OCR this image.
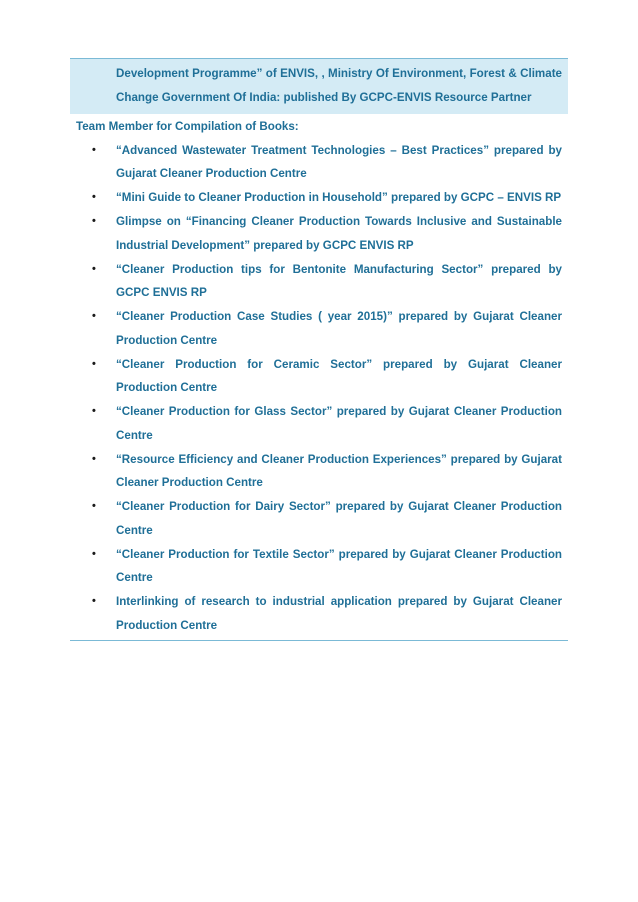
Development Programme” of ENVIS, , Ministry Of Environment, Forest & Climate
Change Government Of India: published By GCPC-ENVIS Resource Partner
Team Member for Compilation of Books:
• “Advanced Wastewater Treatment Technologies – Best Practices” prepared by Gujarat Cleaner Production Centre
• “Mini Guide to Cleaner Production in Household” prepared by GCPC – ENVIS RP
• Glimpse on “Financing Cleaner Production Towards Inclusive and Sustainable Industrial Development” prepared by GCPC ENVIS RP
• “Cleaner Production tips for Bentonite Manufacturing Sector” prepared by GCPC ENVIS RP
• “Cleaner Production Case Studies ( year 2015)” prepared by Gujarat Cleaner Production Centre
• “Cleaner Production for Ceramic Sector” prepared by Gujarat Cleaner Production Centre
• “Cleaner Production for Glass Sector” prepared by Gujarat Cleaner Production Centre
• “Resource Efficiency and Cleaner Production Experiences” prepared by Gujarat Cleaner Production Centre
• “Cleaner Production for Dairy Sector” prepared by Gujarat Cleaner Production Centre
• “Cleaner Production for Textile Sector” prepared by Gujarat Cleaner Production Centre
• Interlinking of research to industrial application prepared by Gujarat Cleaner Production Centre
